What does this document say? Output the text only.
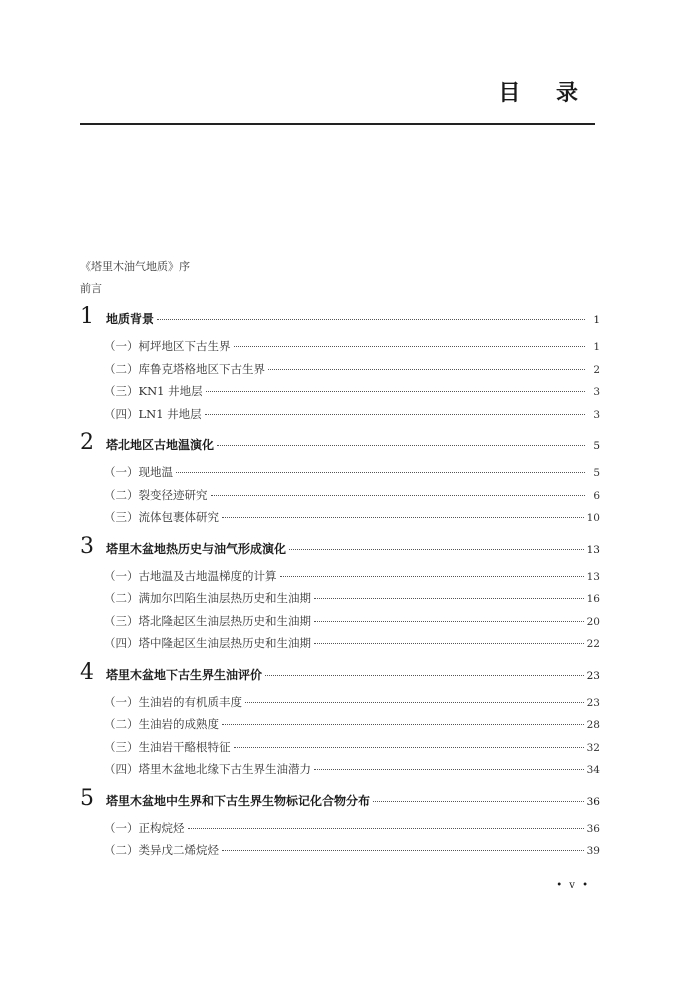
目 录
《塔里木油气地质》序
前言
1	地质背景	1
（一）柯坪地区下古生界	1
（二）库鲁克塔格地区下古生界	2
（三）KN1 井地层	3
（四）LN1 井地层	3
2	塔北地区古地温演化	5
（一）现地温	5
（二）裂变径迹研究	6
（三）流体包裹体研究	10
3	塔里木盆地热历史与油气形成演化	13
（一）古地温及古地温梯度的计算	13
（二）满加尔凹陷生油层热历史和生油期	16
（三）塔北隆起区生油层热历史和生油期	20
（四）塔中隆起区生油层热历史和生油期	22
4	塔里木盆地下古生界生油评价	23
（一）生油岩的有机质丰度	23
（二）生油岩的成熟度	28
（三）生油岩干酪根特征	32
（四）塔里木盆地北缘下古生界生油潜力	34
5	塔里木盆地中生界和下古生界生物标记化合物分布	36
（一）正构烷烃	36
（二）类异戊二烯烷烃	39
• v •
